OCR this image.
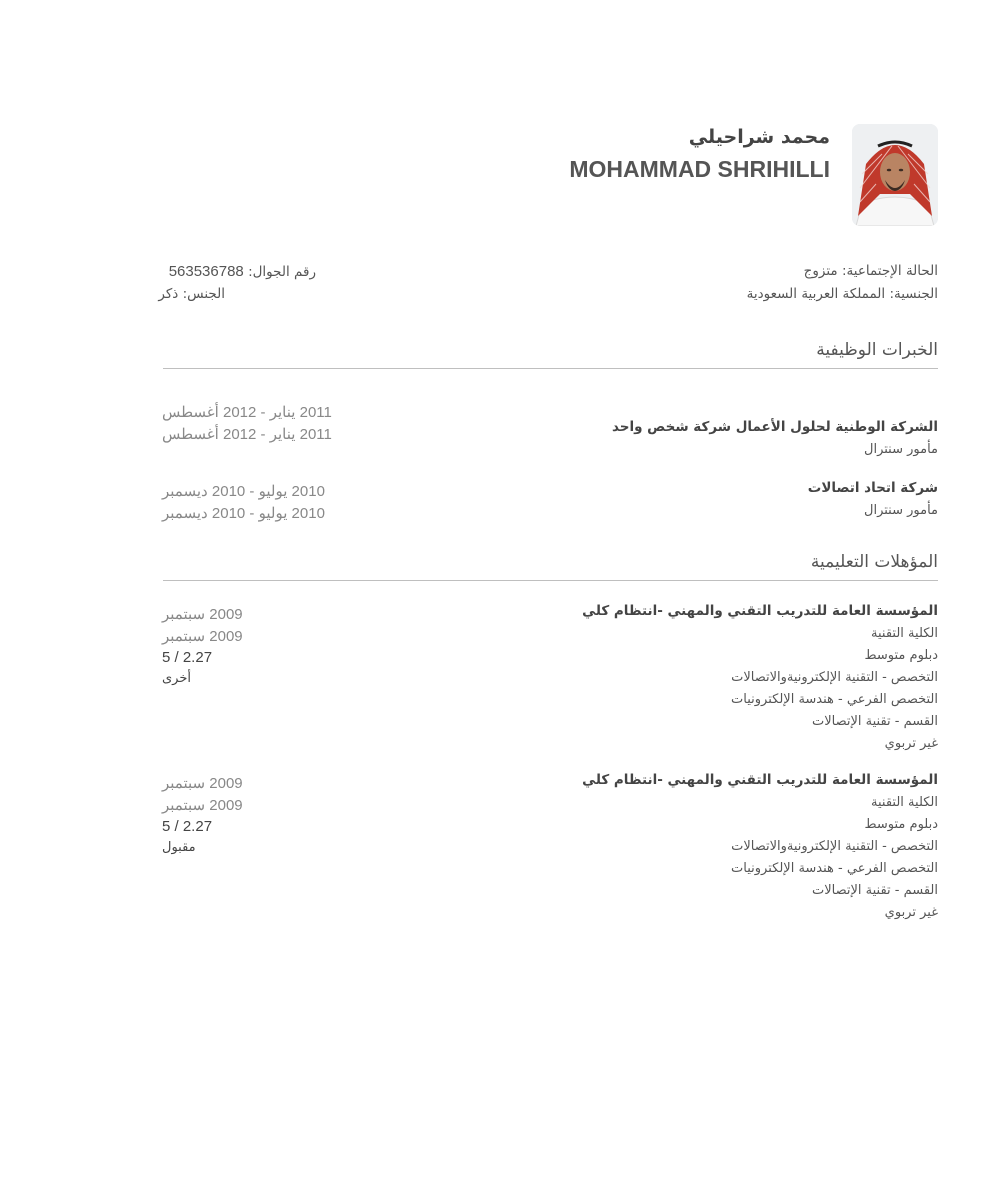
محمد شراحيلي
MOHAMMAD SHRIHILLI
الحالة الإجتماعية: متزوج
الجنسية: المملكة العربية السعودية
رقم الجوال: 563536788
الجنس: ذكر
الخبرات الوظيفية
الشركة الوطنية لحلول الأعمال شركة شخص واحد
مأمور سنترال
2011 يناير - 2012 أغسطس
2011 يناير - 2012 أغسطس
شركة اتحاد اتصالات
مأمور سنترال
2010 يوليو - 2010 ديسمبر
2010 يوليو - 2010 ديسمبر
المؤهلات التعليمية
المؤسسة العامة للتدريب التقني والمهني -انتظام كلي
الكلية التقنية
دبلوم متوسط
التخصص - التقنية الإلكترونيةوالاتصالات
التخصص الفرعي - هندسة الإلكترونيات
القسم - تقنية الإتصالات
غير تربوي
2009 سبتمبر
2009 سبتمبر
5 / 2.27
أخرى
المؤسسة العامة للتدريب التقني والمهني -انتظام كلي
الكلية التقنية
دبلوم متوسط
التخصص - التقنية الإلكترونيةوالاتصالات
التخصص الفرعي - هندسة الإلكترونيات
القسم - تقنية الإتصالات
غير تربوي
2009 سبتمبر
2009 سبتمبر
5 / 2.27
مقبول
